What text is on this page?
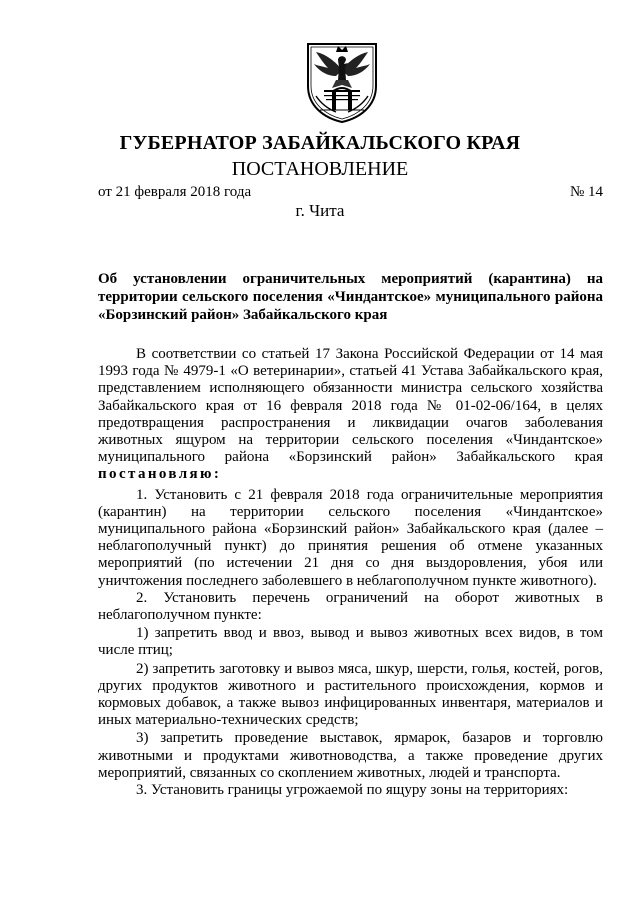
ГУБЕРНАТОР ЗАБАЙКАЛЬСКОГО КРАЯ
ПОСТАНОВЛЕНИЕ
от 21 февраля 2018 года	№ 14
г. Чита
Об установлении ограничительных мероприятий (карантина) на территории сельского поселения «Чиндантское» муниципального района «Борзинский район» Забайкальского края

В соответствии со статьей 17 Закона Российской Федерации от 14 мая 1993 года № 4979-1 «О ветеринарии», статьей 41 Устава Забайкальского края, представлением исполняющего обязанности министра сельского хозяйства Забайкальского края от 16 февраля 2018 года № 01-02-06/164, в целях предотвращения распространения и ликвидации очагов заболевания животных ящуром на территории сельского поселения «Чиндантское» муниципального района «Борзинский район» Забайкальского края постановляю:

1. Установить с 21 февраля 2018 года ограничительные мероприятия (карантин) на территории сельского поселения «Чиндантское» муниципального района «Борзинский район» Забайкальского края (далее – неблагополучный пункт) до принятия решения об отмене указанных мероприятий (по истечении 21 дня со дня выздоровления, убоя или уничтожения последнего заболевшего в неблагополучном пункте животного).

2. Установить перечень ограничений на оборот животных в неблагополучном пункте:

1) запретить ввод и ввоз, вывод и вывоз животных всех видов, в том числе птиц;

2) запретить заготовку и вывоз мяса, шкур, шерсти, голья, костей, рогов, других продуктов животного и растительного происхождения, кормов и кормовых добавок, а также вывоз инфицированных инвентаря, материалов и иных материально-технических средств;

3) запретить проведение выставок, ярмарок, базаров и торговлю животными и продуктами животноводства, а также проведение других мероприятий, связанных со скоплением животных, людей и транспорта.

3. Установить границы угрожаемой по ящуру зоны на территориях:
